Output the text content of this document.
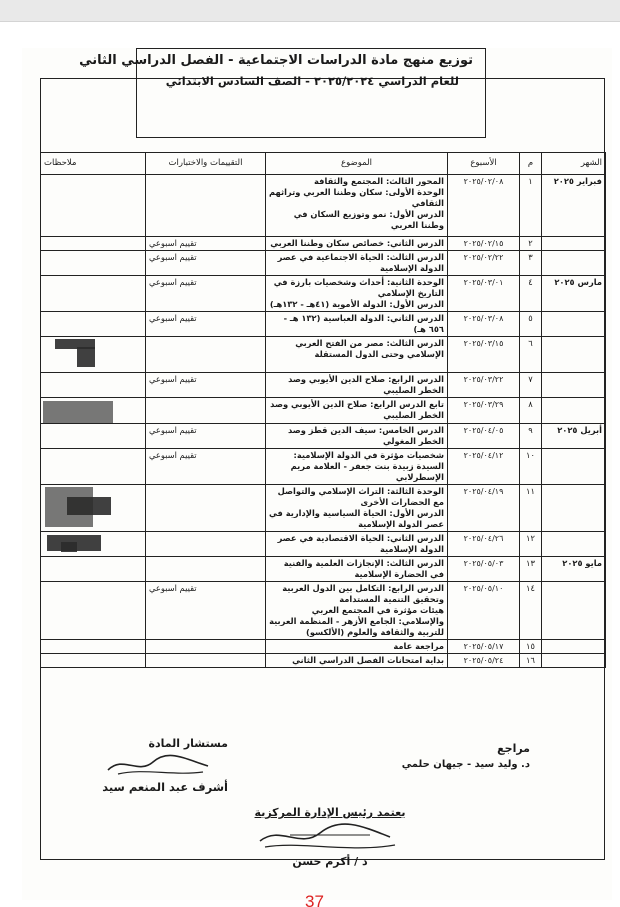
توزيع منهج مادة الدراسات الاجتماعية - الفصل الدراسي الثاني
للعام الدراسي ٢٠٢٥/٢٠٢٤ - الصف السادس الابتدائي
الشهر	م	الأسبوع	الموضوع	التقييمات والاختبارات	ملاحظات
فبراير ٢٠٢٥	١	٢٠٢٥/٠٢/٠٨	المحور الثالث: المجتمع والثقافة
الوحدة الأولى: سكان وطننا العربي وتراثهم الثقافي
الدرس الأول: نمو وتوزيع السكان في وطننا العربي		

	٢	٢٠٢٥/٠٢/١٥	الدرس الثاني: خصائص سكان وطننا العربي	تقييم اسبوعي	
	٣	٢٠٢٥/٠٢/٢٢	الدرس الثالث: الحياة الاجتماعية في عصر الدولة الإسلامية	تقييم اسبوعي	
مارس ٢٠٢٥	٤	٢٠٢٥/٠٣/٠١	الوحدة الثانية: أحداث وشخصيات بارزة في التاريخ الإسلامي
الدرس الأول: الدولة الأموية (٤١هـ - ١٣٢هـ)	تقييم اسبوعي	
	٥	٢٠٢٥/٠٣/٠٨	الدرس الثاني: الدولة العباسية (١٣٢ هـ - ٦٥٦ هـ)	تقييم اسبوعي	
	٦	٢٠٢٥/٠٣/١٥	الدرس الثالث: مصر من الفتح العربي الإسلامي وحتى الدول المستقلة		

	٧	٢٠٢٥/٠٣/٢٢	الدرس الرابع: صلاح الدين الأيوبي وصد الخطر الصليبي	تقييم اسبوعي	
	٨	٢٠٢٥/٠٣/٢٩	تابع الدرس الرابع: صلاح الدين الأيوبي وصد الخطر الصليبي		

أبريل ٢٠٢٥	٩	٢٠٢٥/٠٤/٠٥	الدرس الخامس: سيف الدين قطز وصد الخطر المغولي	تقييم اسبوعي	
	١٠	٢٠٢٥/٠٤/١٢	شخصيات مؤثرة في الدولة الإسلامية: السيدة زبيدة بنت جعفر - العلامة مريم الإسطرلابي	تقييم اسبوعي	
	١١	٢٠٢٥/٠٤/١٩	الوحدة الثالثة: التراث الإسلامي والتواصل مع الحضارات الأخرى
الدرس الأول: الحياة السياسية والإدارية في عصر الدولة الإسلامية		

	١٢	٢٠٢٥/٠٤/٢٦	الدرس الثاني: الحياة الاقتصادية في عصر الدولة الإسلامية		

مايو ٢٠٢٥	١٣	٢٠٢٥/٠٥/٠٣	الدرس الثالث: الإنجازات العلمية والفنية في الحضارة الإسلامية		

	١٤	٢٠٢٥/٠٥/١٠	الدرس الرابع: التكامل بين الدول العربية وتحقيق التنمية المستدامة
هيئات مؤثرة في المجتمع العربي والإسلامي: الجامع الأزهر - المنظمة العربية للتربية والثقافة والعلوم (الألكسو)	تقييم اسبوعي	
	١٥	٢٠٢٥/٠٥/١٧	مراجعة عامة		

	١٦	٢٠٢٥/٠٥/٢٤	بداية امتحانات الفصل الدراسي الثاني		

مراجع
د. وليد سيد - جيهان حلمي
مستشار المادة
أشرف عبد المنعم سيد
يعتمد رئيس الإدارة المركزية
د / أكرم حسن
37
